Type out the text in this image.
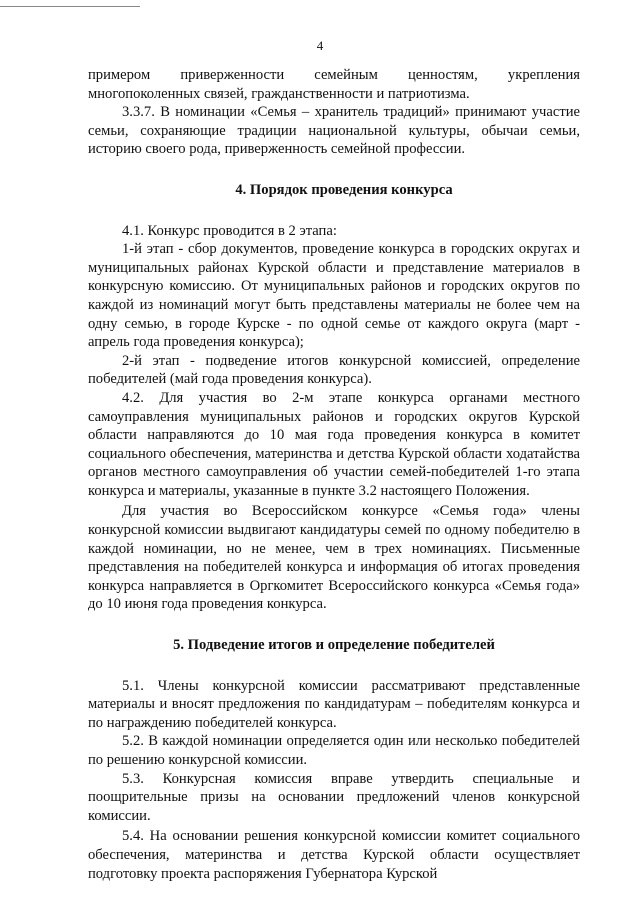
4

примером приверженности семейным ценностям, укрепления многопоколенных связей, гражданственности и патриотизма.

3.3.7. В номинации «Семья – хранитель традиций» принимают участие семьи, сохраняющие традиции национальной культуры, обычаи семьи, историю своего рода, приверженность семейной профессии.

4. Порядок проведения конкурса

4.1. Конкурс проводится в 2 этапа:

1-й этап - сбор документов, проведение конкурса в городских округах и муниципальных районах Курской области и представление материалов в конкурсную комиссию. От муниципальных районов и городских округов по каждой из номинаций могут быть представлены материалы не более чем на одну семью, в городе Курске - по одной семье от каждого округа (март - апрель года проведения конкурса);

2-й этап - подведение итогов конкурсной комиссией, определение победителей (май года проведения конкурса).

4.2. Для участия во 2-м этапе конкурса органами местного самоуправления муниципальных районов и городских округов Курской области направляются до 10 мая года проведения конкурса в комитет социального обеспечения, материнства и детства Курской области ходатайства органов местного самоуправления об участии семей-победителей 1-го этапа конкурса и материалы, указанные в пункте 3.2 настоящего Положения.

Для участия во Всероссийском конкурсе «Семья года» члены конкурсной комиссии выдвигают кандидатуры семей по одному победителю в каждой номинации, но не менее, чем в трех номинациях. Письменные представления на победителей конкурса и информация об итогах проведения конкурса направляется в Оргкомитет Всероссийского конкурса «Семья года» до 10 июня года проведения конкурса.

5. Подведение итогов и определение победителей

5.1. Члены конкурсной комиссии рассматривают представленные материалы и вносят предложения по кандидатурам – победителям конкурса и по награждению победителей конкурса.

5.2. В каждой номинации определяется один или несколько победителей по решению конкурсной комиссии.

5.3. Конкурсная комиссия вправе утвердить специальные и поощрительные призы на основании предложений членов конкурсной комиссии.

5.4. На основании решения конкурсной комиссии комитет социального обеспечения, материнства и детства Курской области осуществляет подготовку проекта распоряжения Губернатора Курской
